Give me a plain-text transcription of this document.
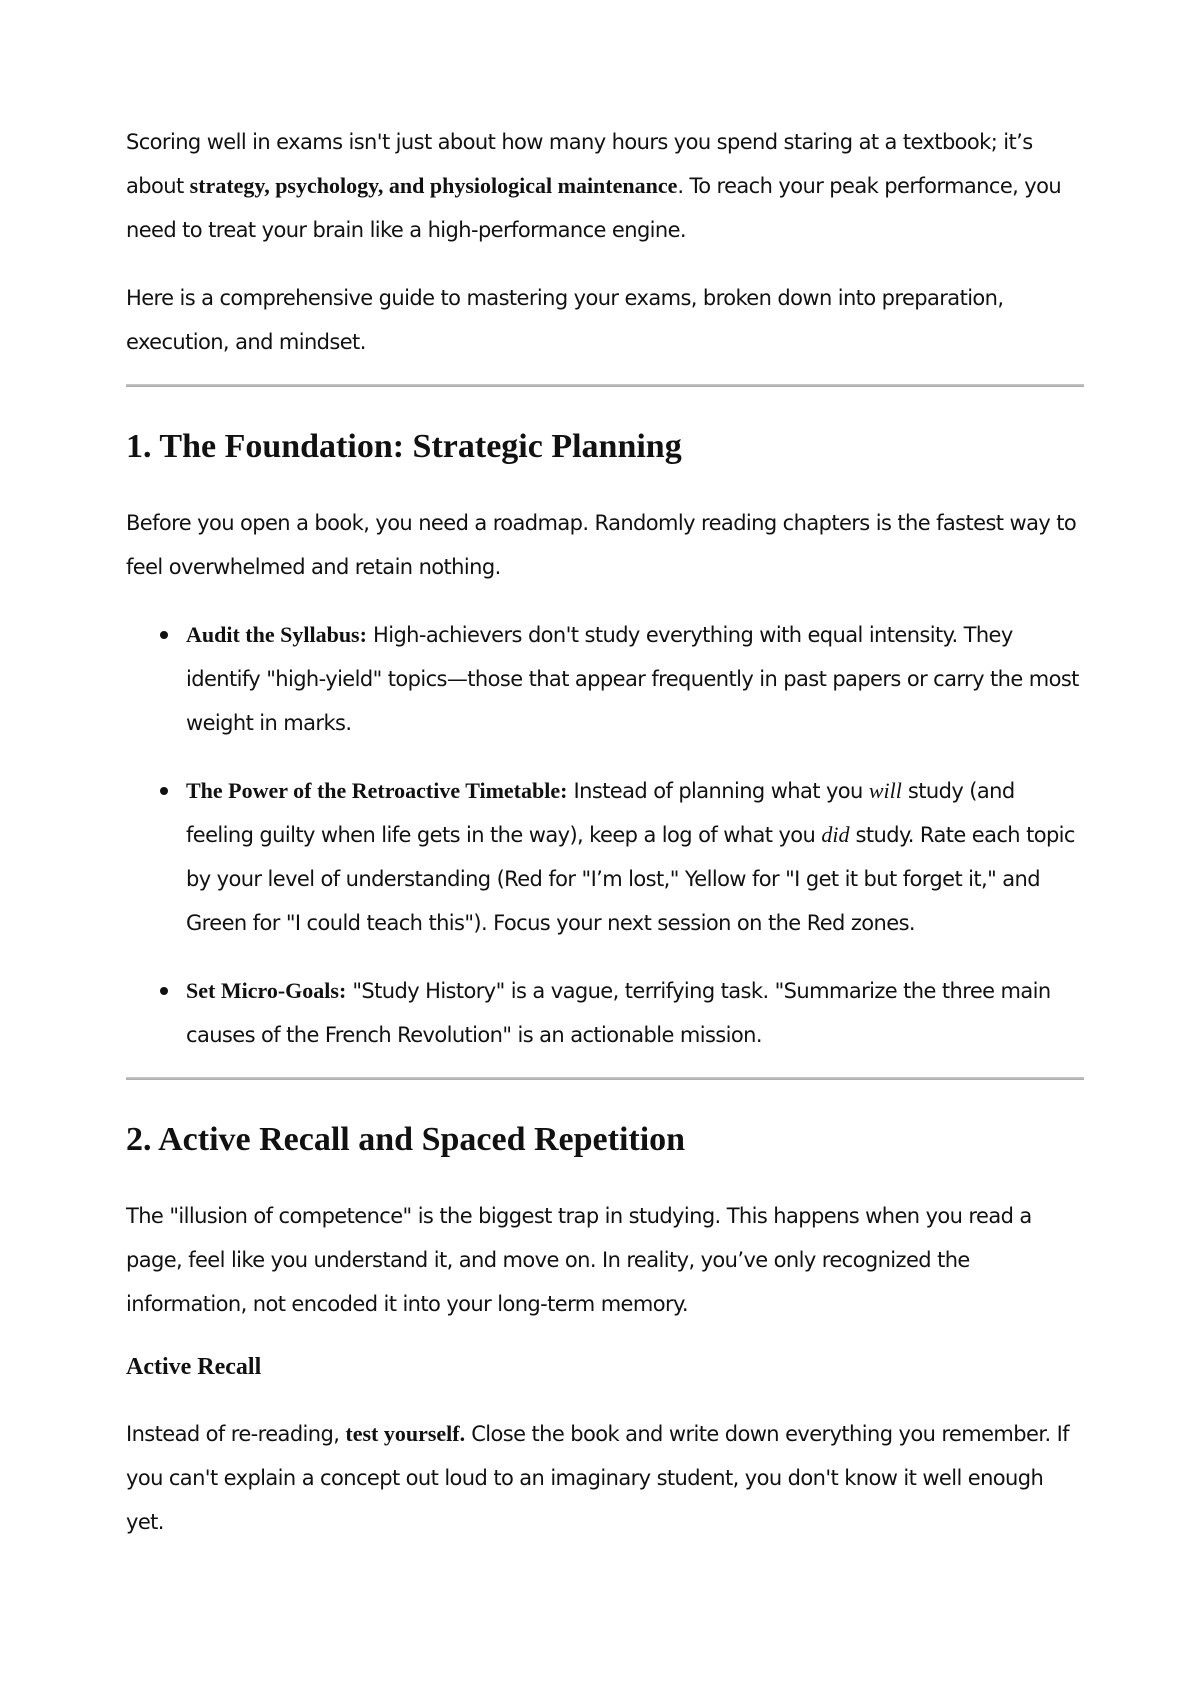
Scoring well in exams isn't just about how many hours you spend staring at a textbook; it’s about strategy, psychology, and physiological maintenance. To reach your peak performance, you need to treat your brain like a high-performance engine.

Here is a comprehensive guide to mastering your exams, broken down into preparation, execution, and mindset.

1. The Foundation: Strategic Planning

Before you open a book, you need a roadmap. Randomly reading chapters is the fastest way to feel overwhelmed and retain nothing.

Audit the Syllabus: High-achievers don't study everything with equal intensity. They identify "high-yield" topics—those that appear frequently in past papers or carry the most weight in marks.
The Power of the Retroactive Timetable: Instead of planning what you will study (and feeling guilty when life gets in the way), keep a log of what you did study. Rate each topic by your level of understanding (Red for "I’m lost," Yellow for "I get it but forget it," and Green for "I could teach this"). Focus your next session on the Red zones.
Set Micro-Goals: "Study History" is a vague, terrifying task. "Summarize the three main causes of the French Revolution" is an actionable mission.
2. Active Recall and Spaced Repetition

The "illusion of competence" is the biggest trap in studying. This happens when you read a page, feel like you understand it, and move on. In reality, you’ve only recognized the information, not encoded it into your long-term memory.

Active Recall

Instead of re-reading, test yourself. Close the book and write down everything you remember. If you can't explain a concept out loud to an imaginary student, you don't know it well enough yet.
